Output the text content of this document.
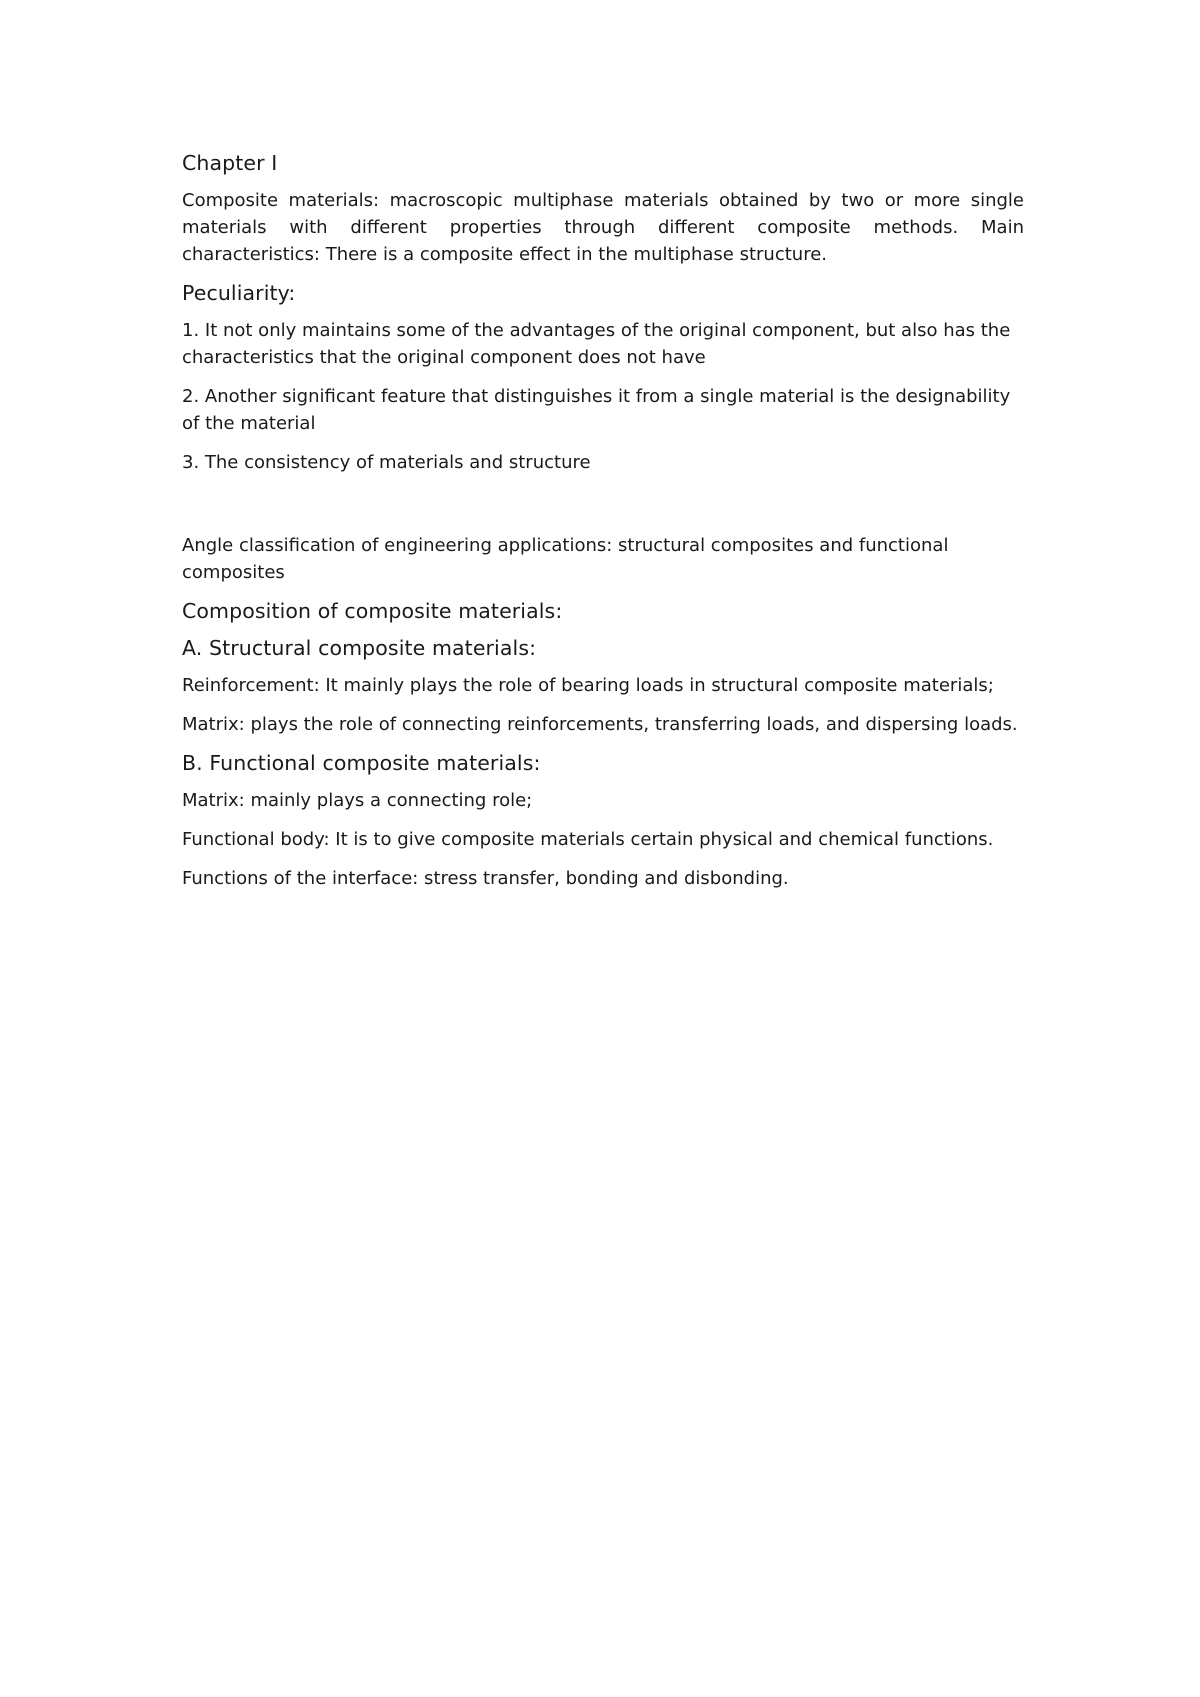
Chapter I

Composite materials: macroscopic multiphase materials obtained by two or more single materials with different properties through different composite methods. Main characteristics: There is a composite effect in the multiphase structure.

Peculiarity:

1. It not only maintains some of the advantages of the original component, but also has the characteristics that the original component does not have

2. Another significant feature that distinguishes it from a single material is the designability of the material

3. The consistency of materials and structure

Angle classification of engineering applications: structural composites and functional composites

Composition of composite materials:
A. Structural composite materials:

Reinforcement: It mainly plays the role of bearing loads in structural composite materials;

Matrix: plays the role of connecting reinforcements, transferring loads, and dispersing loads.

B. Functional composite materials:

Matrix: mainly plays a connecting role;

Functional body: It is to give composite materials certain physical and chemical functions.

Functions of the interface: stress transfer, bonding and disbonding.
